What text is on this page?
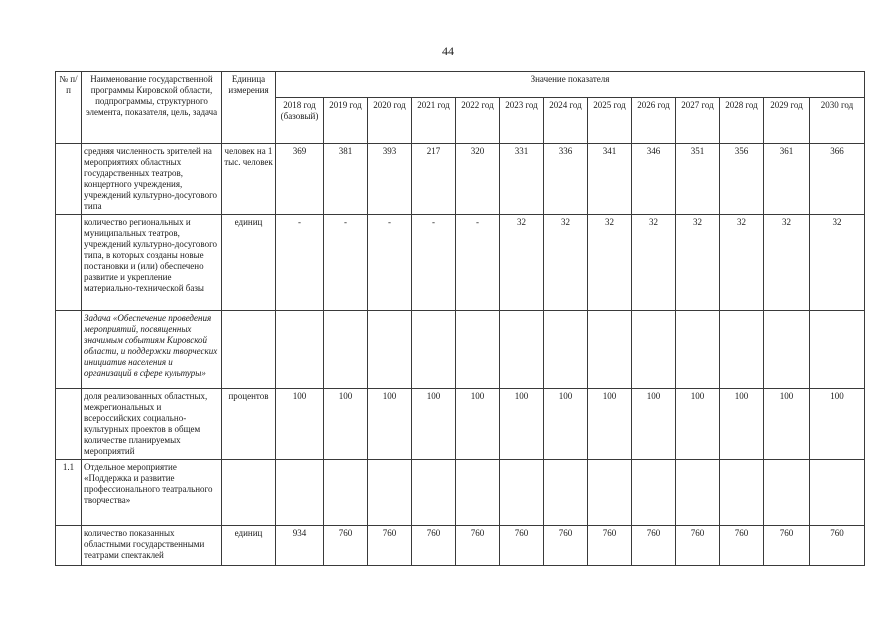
44
№ п/п	Наименование государственной программы Кировской области, подпрограммы, структурного элемента, показателя, цель, задача	Единица измерения	Значение показателя												
			2018 год (базовый)	2019 год	2020 год	2021 год	2022 год	2023 год	2024 год	2025 год	2026 год	2027 год	2028 год	2029 год	2030 год
	средняя численность зрителей на мероприятиях областных государственных театров, концертного учреждения, учреждений культурно-досугового типа	человек на 1 тыс. человек	369	381	393	217	320	331	336	341	346	351	356	361	366
	количество региональных и муниципальных театров, учреждений культурно-досугового типа, в которых созданы новые постановки и (или) обеспечено развитие и укрепление материально-технической базы	единиц	-	-	-	-	-	32	32	32	32	32	32	32	32
	Задача «Обеспечение проведения мероприятий, посвященных значимым событиям Кировской области, и поддержки творческих инициатив населения и организаций в сфере культуры»														
	доля реализованных областных, межрегиональных и всероссийских социально-культурных проектов в общем количестве планируемых мероприятий	процентов	100	100	100	100	100	100	100	100	100	100	100	100	100
1.1	Отдельное мероприятие «Поддержка и развитие профессионального театрального творчества»														
	количество показанных областными государственными театрами спектаклей	единиц	934	760	760	760	760	760	760	760	760	760	760	760	760
